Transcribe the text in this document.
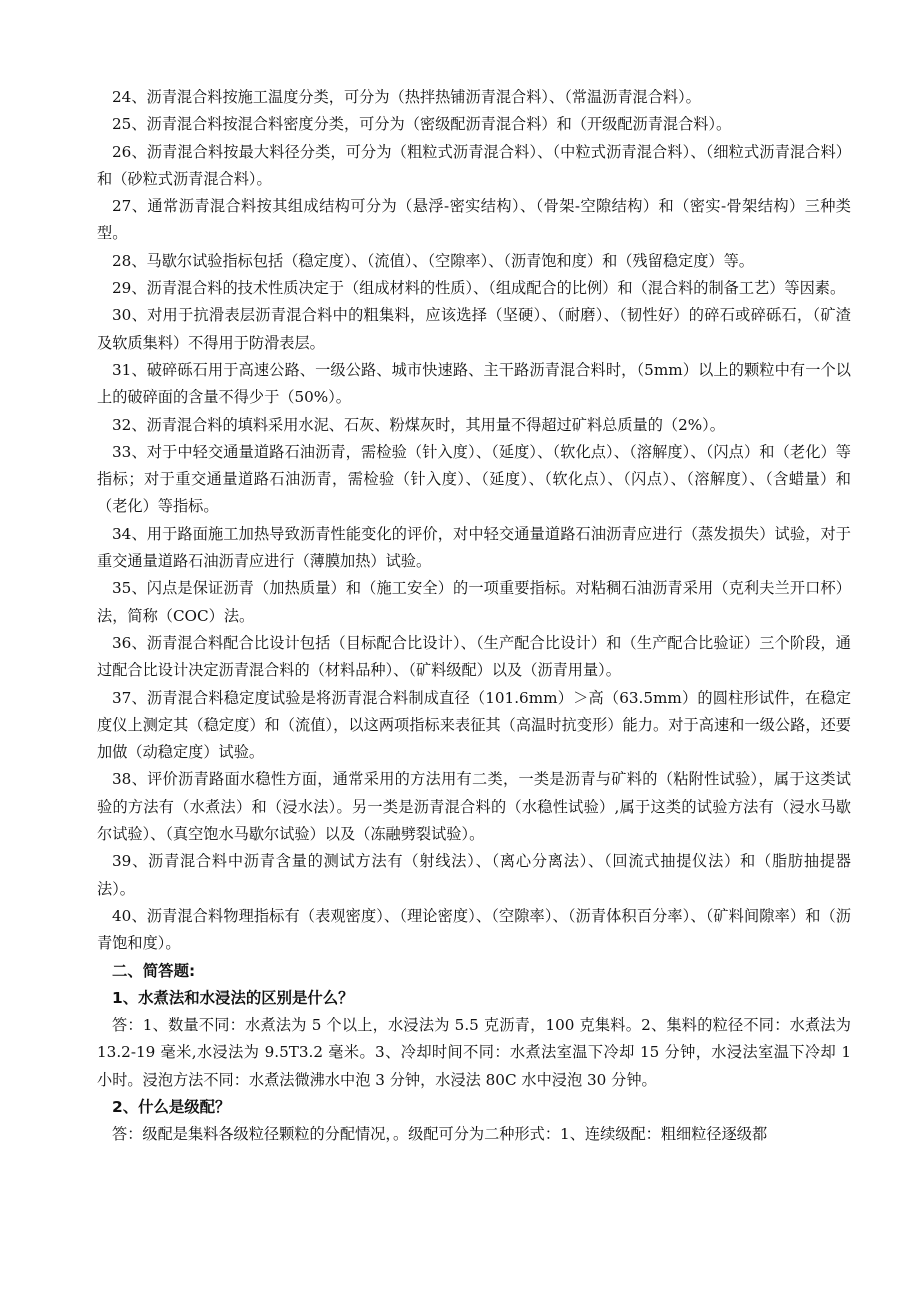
24、沥青混合料按施工温度分类，可分为（热拌热铺沥青混合料）、（常温沥青混合料）。

25、沥青混合料按混合料密度分类，可分为（密级配沥青混合料）和（开级配沥青混合料）。

26、沥青混合料按最大料径分类，可分为（粗粒式沥青混合料）、（中粒式沥青混合料）、（细粒式沥青混合料）和（砂粒式沥青混合料）。

27、通常沥青混合料按其组成结构可分为（悬浮-密实结构）、（骨架-空隙结构）和（密实-骨架结构）三种类型。

28、马歇尔试验指标包括（稳定度）、（流值）、（空隙率）、（沥青饱和度）和（残留稳定度）等。

29、沥青混合料的技术性质决定于（组成材料的性质）、（组成配合的比例）和（混合料的制备工艺）等因素。

30、对用于抗滑表层沥青混合料中的粗集料，应该选择（坚硬）、（耐磨）、（韧性好）的碎石或碎砾石，（矿渣及软质集料）不得用于防滑表层。

31、破碎砾石用于高速公路、一级公路、城市快速路、主干路沥青混合料时，（5mm）以上的颗粒中有一个以上的破碎面的含量不得少于（50%）。

32、沥青混合料的填料采用水泥、石灰、粉煤灰时，其用量不得超过矿料总质量的（2%）。

33、对于中轻交通量道路石油沥青，需检验（针入度）、（延度）、（软化点）、（溶解度）、（闪点）和（老化）等指标；对于重交通量道路石油沥青，需检验（针入度）、（延度）、（软化点）、（闪点）、（溶解度）、（含蜡量）和（老化）等指标。

34、用于路面施工加热导致沥青性能变化的评价，对中轻交通量道路石油沥青应进行（蒸发损失）试验，对于重交通量道路石油沥青应进行（薄膜加热）试验。

35、闪点是保证沥青（加热质量）和（施工安全）的一项重要指标。对粘稠石油沥青采用（克利夫兰开口杯）法，简称（COC）法。

36、沥青混合料配合比设计包括（目标配合比设计）、（生产配合比设计）和（生产配合比验证）三个阶段，通过配合比设计决定沥青混合料的（材料品种）、（矿料级配）以及（沥青用量）。

37、沥青混合料稳定度试验是将沥青混合料制成直径（101.6mm）＞高（63.5mm）的圆柱形试件，在稳定度仪上测定其（稳定度）和（流值），以这两项指标来表征其（高温时抗变形）能力。对于高速和一级公路，还要加做（动稳定度）试验。

38、评价沥青路面水稳性方面，通常采用的方法用有二类，一类是沥青与矿料的（粘附性试验），属于这类试验的方法有（水煮法）和（浸水法）。另一类是沥青混合料的（水稳性试验）,属于这类的试验方法有（浸水马歇尔试验）、（真空饱水马歇尔试验）以及（冻融劈裂试验）。

39、沥青混合料中沥青含量的测试方法有（射线法）、（离心分离法）、（回流式抽提仪法）和（脂肪抽提器法）。

40、沥青混合料物理指标有（表观密度）、（理论密度）、（空隙率）、（沥青体积百分率）、（矿料间隙率）和（沥青饱和度）。

二、简答题:

1、水煮法和水浸法的区别是什么？

答：1、数量不同：水煮法为 5 个以上，水浸法为 5.5 克沥青，100 克集料。2、集料的粒径不同：水煮法为 13.2-19 毫米,水浸法为 9.5T3.2 毫米。3、冷却时间不同：水煮法室温下冷却 15 分钟，水浸法室温下冷却 1 小时。浸泡方法不同：水煮法微沸水中泡 3 分钟，水浸法 80C 水中浸泡 30 分钟。

2、什么是级配？

答：级配是集料各级粒径颗粒的分配情况，。级配可分为二种形式：1、连续级配：粗细粒径逐级都
